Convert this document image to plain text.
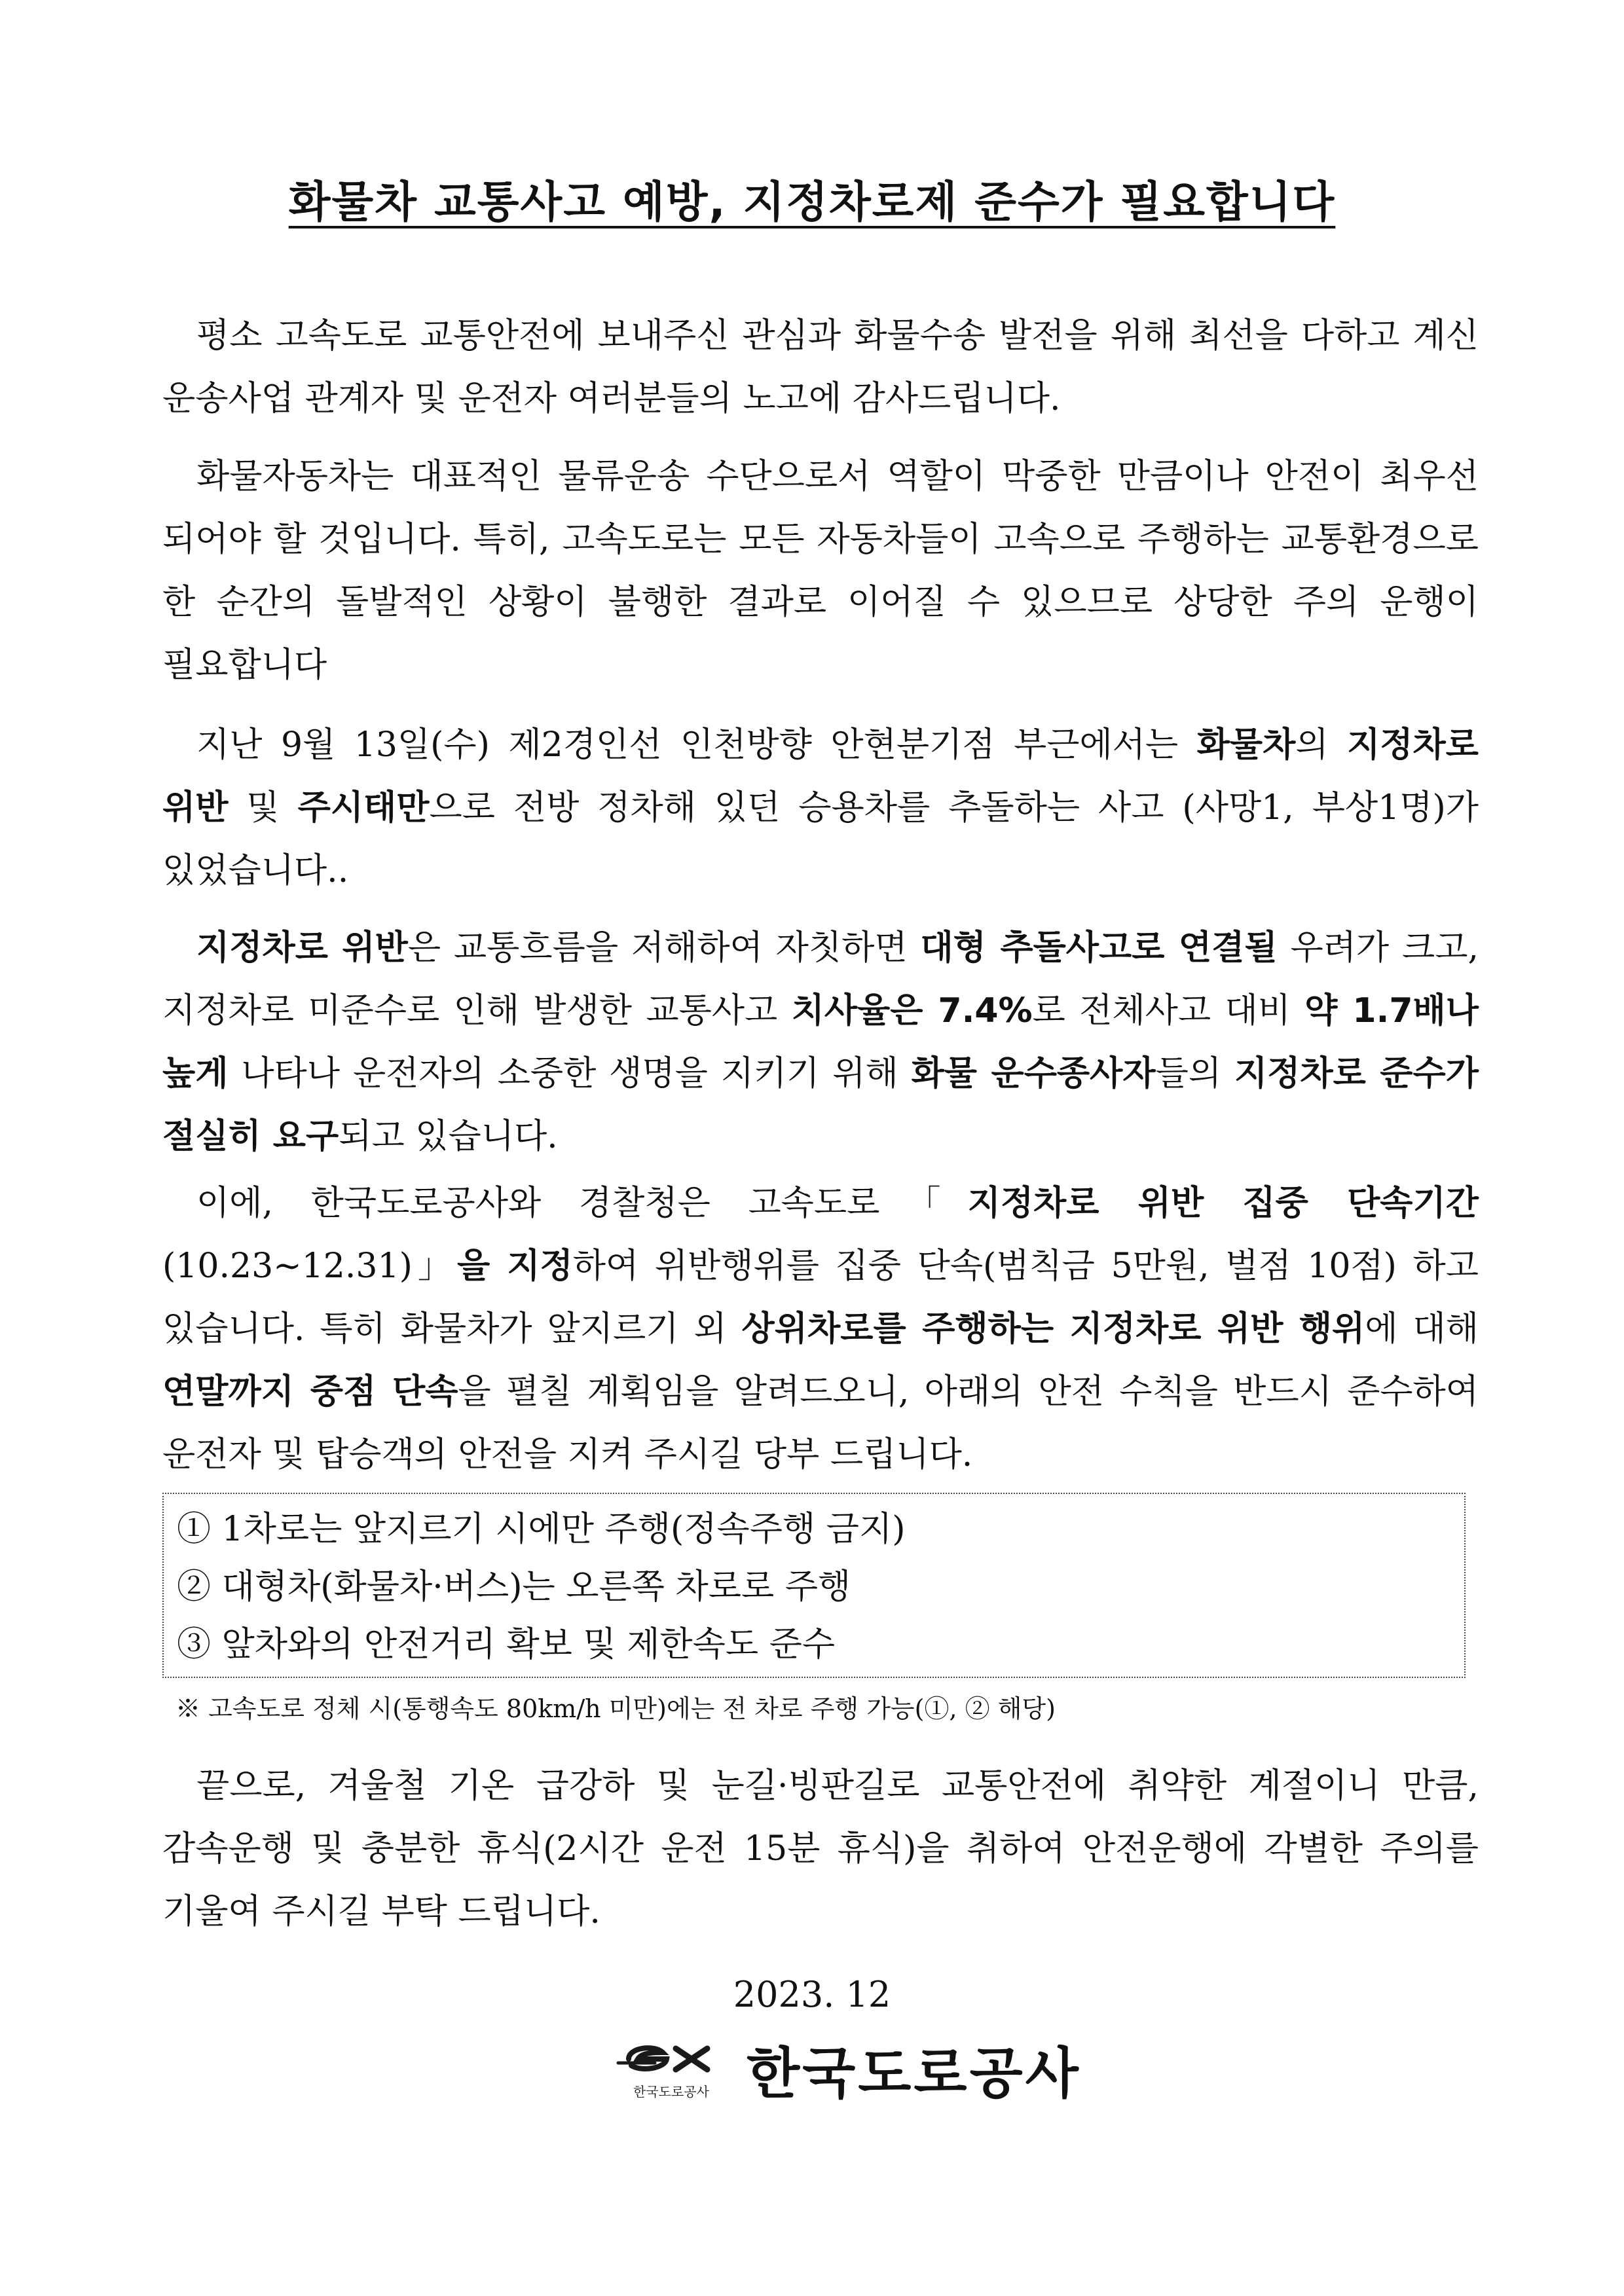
화물차 교통사고 예방, 지정차로제 준수가 필요합니다

평소 고속도로 교통안전에 보내주신 관심과 화물수송 발전을 위해 최선을 다하고 계신 운송사업 관계자 및 운전자 여러분들의 노고에 감사드립니다.

화물자동차는 대표적인 물류운송 수단으로서 역할이 막중한 만큼이나 안전이 최우선 되어야 할 것입니다. 특히, 고속도로는 모든 자동차들이 고속으로 주행하는 교통환경으로 한 순간의 돌발적인 상황이 불행한 결과로 이어질 수 있으므로 상당한 주의 운행이 필요합니다

지난 9월 13일(수) 제2경인선 인천방향 안현분기점 부근에서는 화물차의 지정차로 위반 및 주시태만으로 전방 정차해 있던 승용차를 추돌하는 사고 (사망1, 부상1명)가 있었습니다..

지정차로 위반은 교통흐름을 저해하여 자칫하면 대형 추돌사고로 연결될 우려가 크고, 지정차로 미준수로 인해 발생한 교통사고 치사율은 7.4%로 전체사고 대비 약 1.7배나 높게 나타나 운전자의 소중한 생명을 지키기 위해 화물 운수종사자들의 지정차로 준수가 절실히 요구되고 있습니다.

이에, 한국도로공사와 경찰청은 고속도로「지정차로 위반 집중 단속기간 (10.23~12.31)」을 지정하여 위반행위를 집중 단속(범칙금 5만원, 벌점 10점) 하고 있습니다. 특히 화물차가 앞지르기 외 상위차로를 주행하는 지정차로 위반 행위에 대해 연말까지 중점 단속을 펼칠 계획임을 알려드오니, 아래의 안전 수칙을 반드시 준수하여 운전자 및 탑승객의 안전을 지켜 주시길 당부 드립니다.

① 1차로는 앞지르기 시에만 주행(정속주행 금지)
② 대형차(화물차·버스)는 오른쪽 차로로 주행
③ 앞차와의 안전거리 확보 및 제한속도 준수
※ 고속도로 정체 시(통행속도 80km/h 미만)에는 전 차로 주행 가능(①, ② 해당)

끝으로, 겨울철 기온 급강하 및 눈길·빙판길로 교통안전에 취약한 계절이니 만큼, 감속운행 및 충분한 휴식(2시간 운전 15분 휴식)을 취하여 안전운행에 각별한 주의를 기울여 주시길 부탁 드립니다.

2023. 12
한국도로공사 한국도로공사
